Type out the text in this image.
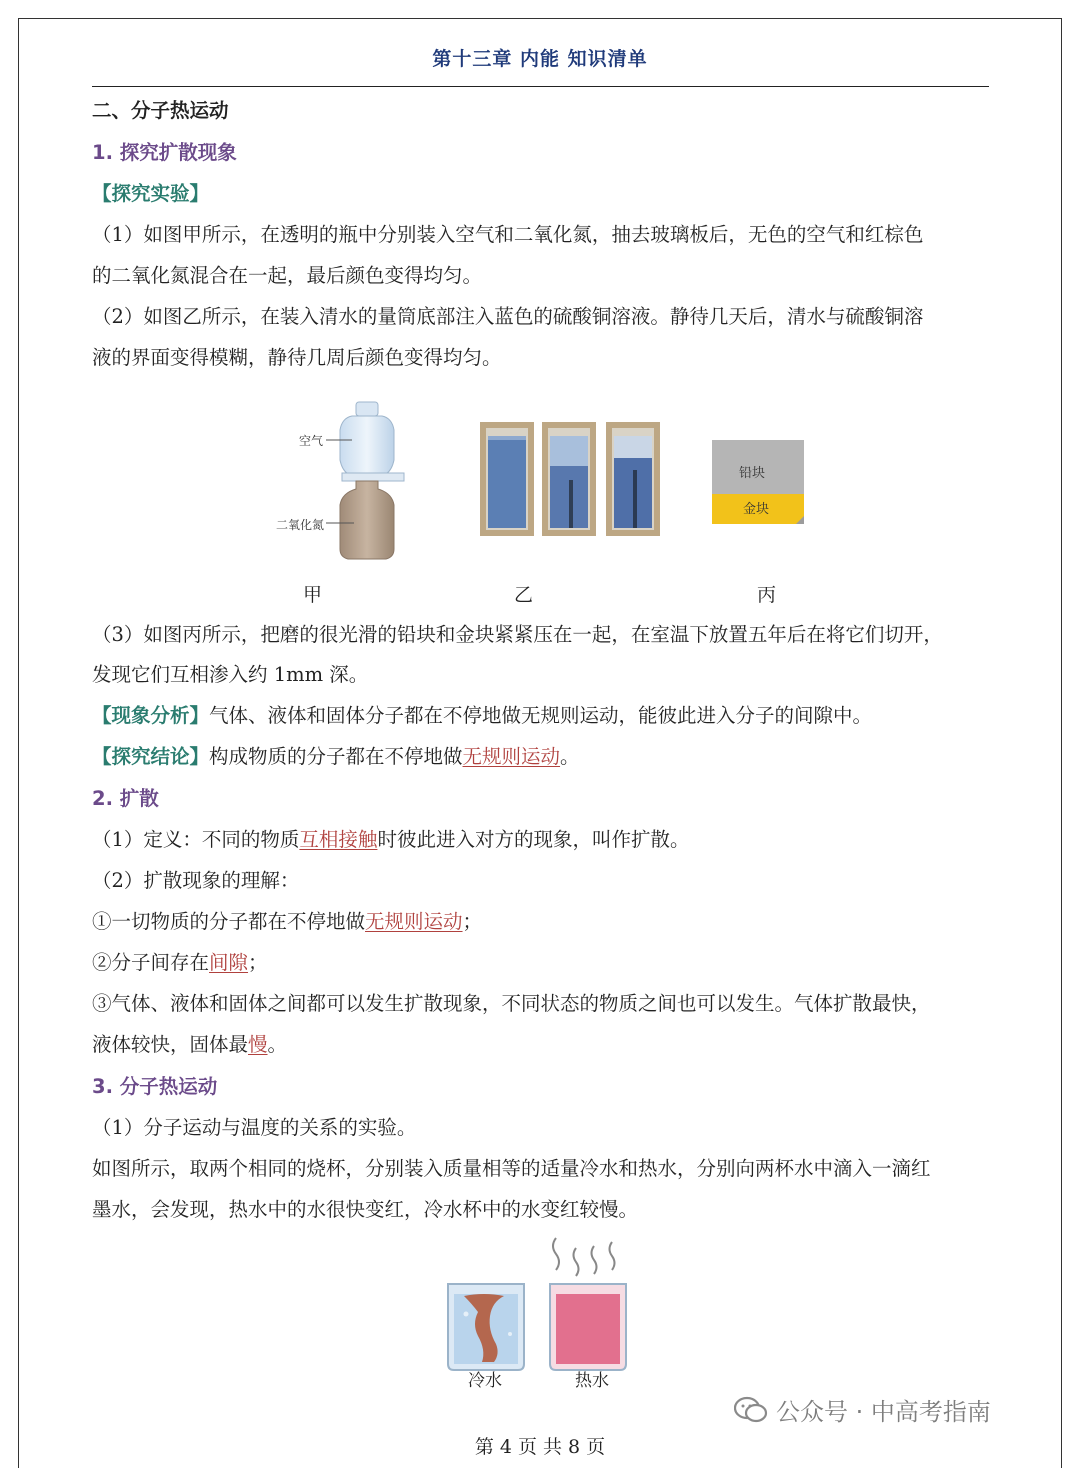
第十三章 内能 知识清单
二、分子热运动
1. 探究扩散现象
【探究实验】
（1）如图甲所示，在透明的瓶中分别装入空气和二氧化氮，抽去玻璃板后，无色的空气和红棕色
的二氧化氮混合在一起，最后颜色变得均匀。
（2）如图乙所示，在装入清水的量筒底部注入蓝色的硫酸铜溶液。静待几天后，清水与硫酸铜溶
液的界面变得模糊，静待几周后颜色变得均匀。
空气
二氧化氮
铅块
金块
甲	乙	丙
（3）如图丙所示，把磨的很光滑的铅块和金块紧紧压在一起，在室温下放置五年后在将它们切开，
发现它们互相渗入约 1mm 深。
【现象分析】气体、液体和固体分子都在不停地做无规则运动，能彼此进入分子的间隙中。
【探究结论】构成物质的分子都在不停地做无规则运动。
2. 扩散
（1）定义：不同的物质互相接触时彼此进入对方的现象，叫作扩散。
（2）扩散现象的理解：
①一切物质的分子都在不停地做无规则运动；
②分子间存在间隙；
③气体、液体和固体之间都可以发生扩散现象，不同状态的物质之间也可以发生。气体扩散最快，
液体较快，固体最慢。
3. 分子热运动
（1）分子运动与温度的关系的实验。
如图所示，取两个相同的烧杯，分别装入质量相等的适量冷水和热水，分别向两杯水中滴入一滴红
墨水，会发现，热水中的水很快变红，冷水杯中的水变红较慢。
冷水	热水
公众号 · 中高考指南
第 4 页 共 8 页
